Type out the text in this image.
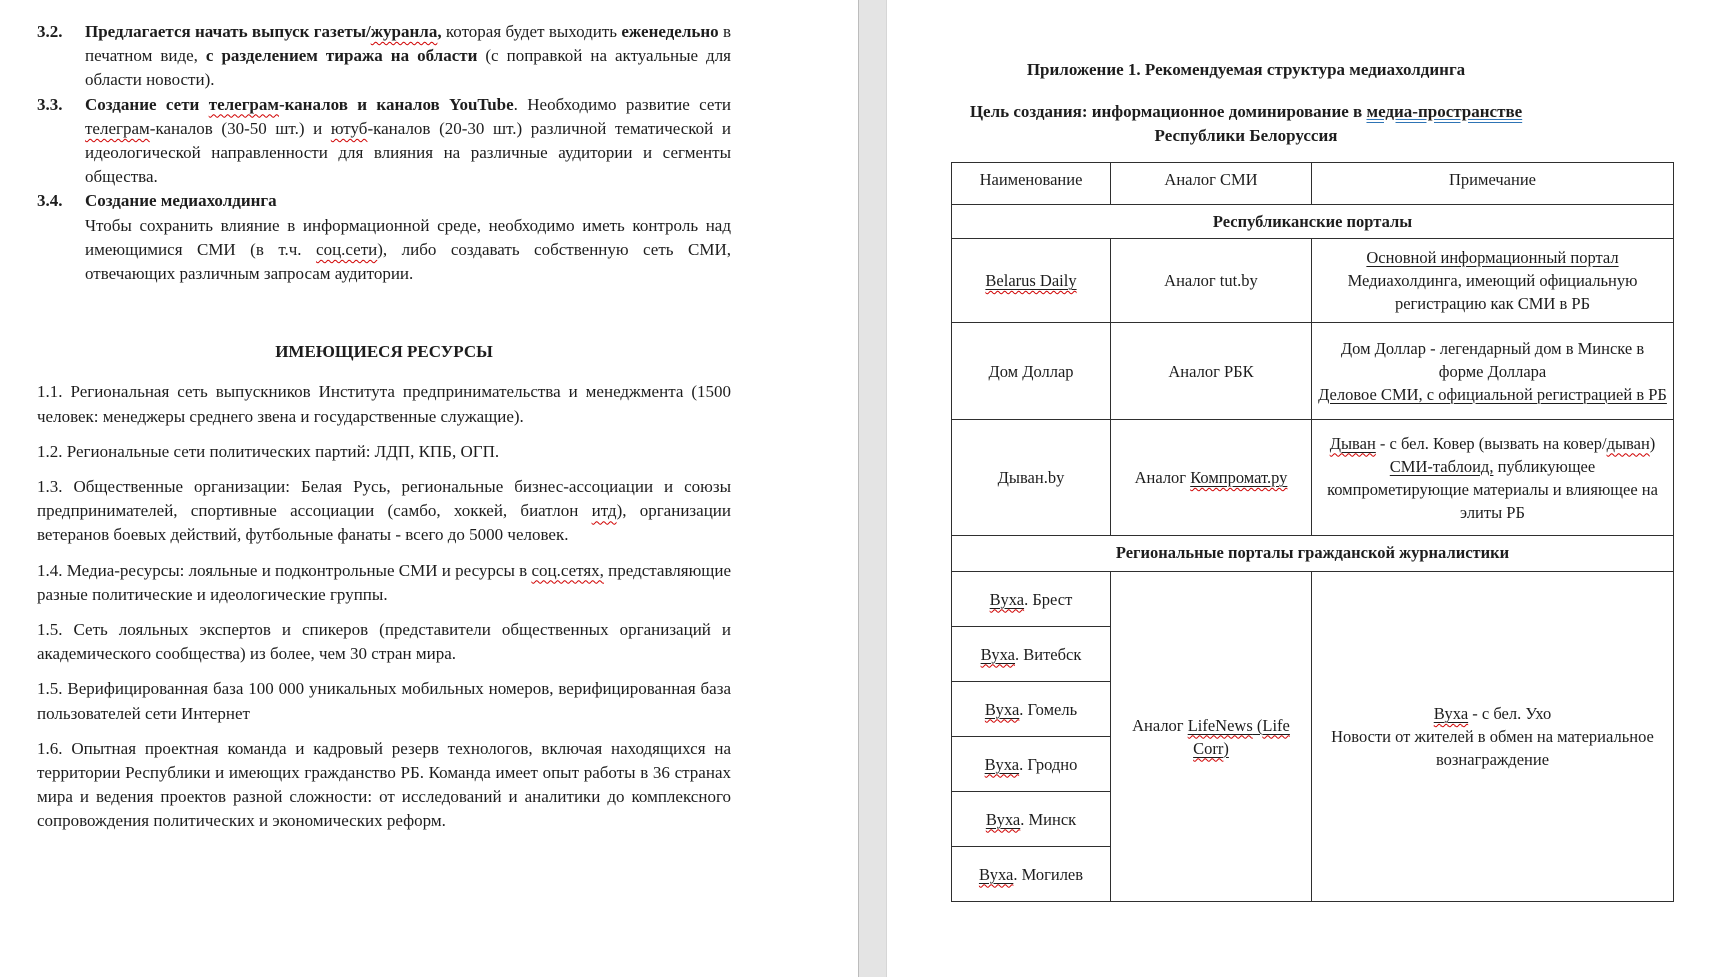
3.2. Предлагается начать выпуск газеты/журанла, которая будет выходить еженедельно в печатном виде, с разделением тиража на области (с поправкой на актуальные для области новости).
3.3. Создание сети телеграм-каналов и каналов YouTube. Необходимо развитие сети телеграм-каналов (30-50 шт.) и ютуб-каналов (20-30 шт.) различной тематической и идеологической направленности для влияния на различные аудитории и сегменты общества.
3.4. Создание медиахолдинга
Чтобы сохранить влияние в информационной среде, необходимо иметь контроль над имеющимися СМИ (в т.ч. соц.сети), либо создавать собственную сеть СМИ, отвечающих различным запросам аудитории.
ИМЕЮЩИЕСЯ РЕСУРСЫ

1.1. Региональная сеть выпускников Института предпринимательства и менеджмента (1500 человек: менеджеры среднего звена и государственные служащие).

1.2. Региональные сети политических партий: ЛДП, КПБ, ОГП.

1.3. Общественные организации: Белая Русь, региональные бизнес-ассоциации и союзы предпринимателей, спортивные ассоциации (самбо, хоккей, биатлон итд), организации ветеранов боевых действий, футбольные фанаты - всего до 5000 человек.

1.4. Медиа-ресурсы: лояльные и подконтрольные СМИ и ресурсы в соц.сетях, представляющие разные политические и идеологические группы.

1.5. Сеть лояльных экспертов и спикеров (представители общественных организаций и академического сообщества) из более, чем 30 стран мира.

1.5. Верифицированная база 100 000 уникальных мобильных номеров, верифицированная база пользователей сети Интернет

1.6. Опытная проектная команда и кадровый резерв технологов, включая находящихся на территории Республики и имеющих гражданство РБ. Команда имеет опыт работы в 36 странах мира и ведения проектов разной сложности: от исследований и аналитики до комплексного сопровождения политических и экономических реформ.

Приложение 1. Рекомендуемая структура медиахолдинга
Цель создания: информационное доминирование в медиа-пространстве
Республики Белоруссия
Наименование	Аналог СМИ	Примечание
Республиканские порталы		
Belarus Daily	Аналог tut.by	Основной информационный портал
Медиахолдинга, имеющий официальную регистрацию как СМИ в РБ
Дом Доллар	Аналог РБК	Дом Доллар - легендарный дом в Минске в форме Доллара
Деловое СМИ, с официальной регистрацией в РБ
Дыван.by	Аналог Компромат.ру	Дыван - с бел. Ковер (вызвать на ковер/дыван)
СМИ-таблоид, публикующее компрометирующие материалы и влияющее на элиты РБ
Региональные порталы гражданской журналистики		
Вуха. Брест	Аналог LifeNews (Life Corr)	Вуха - с бел. Ухо
Новости от жителей в обмен на материальное вознаграждение
Вуха. Витебск		
Вуха. Гомель		
Вуха. Гродно		
Вуха. Минск		
Вуха. Могилев		
